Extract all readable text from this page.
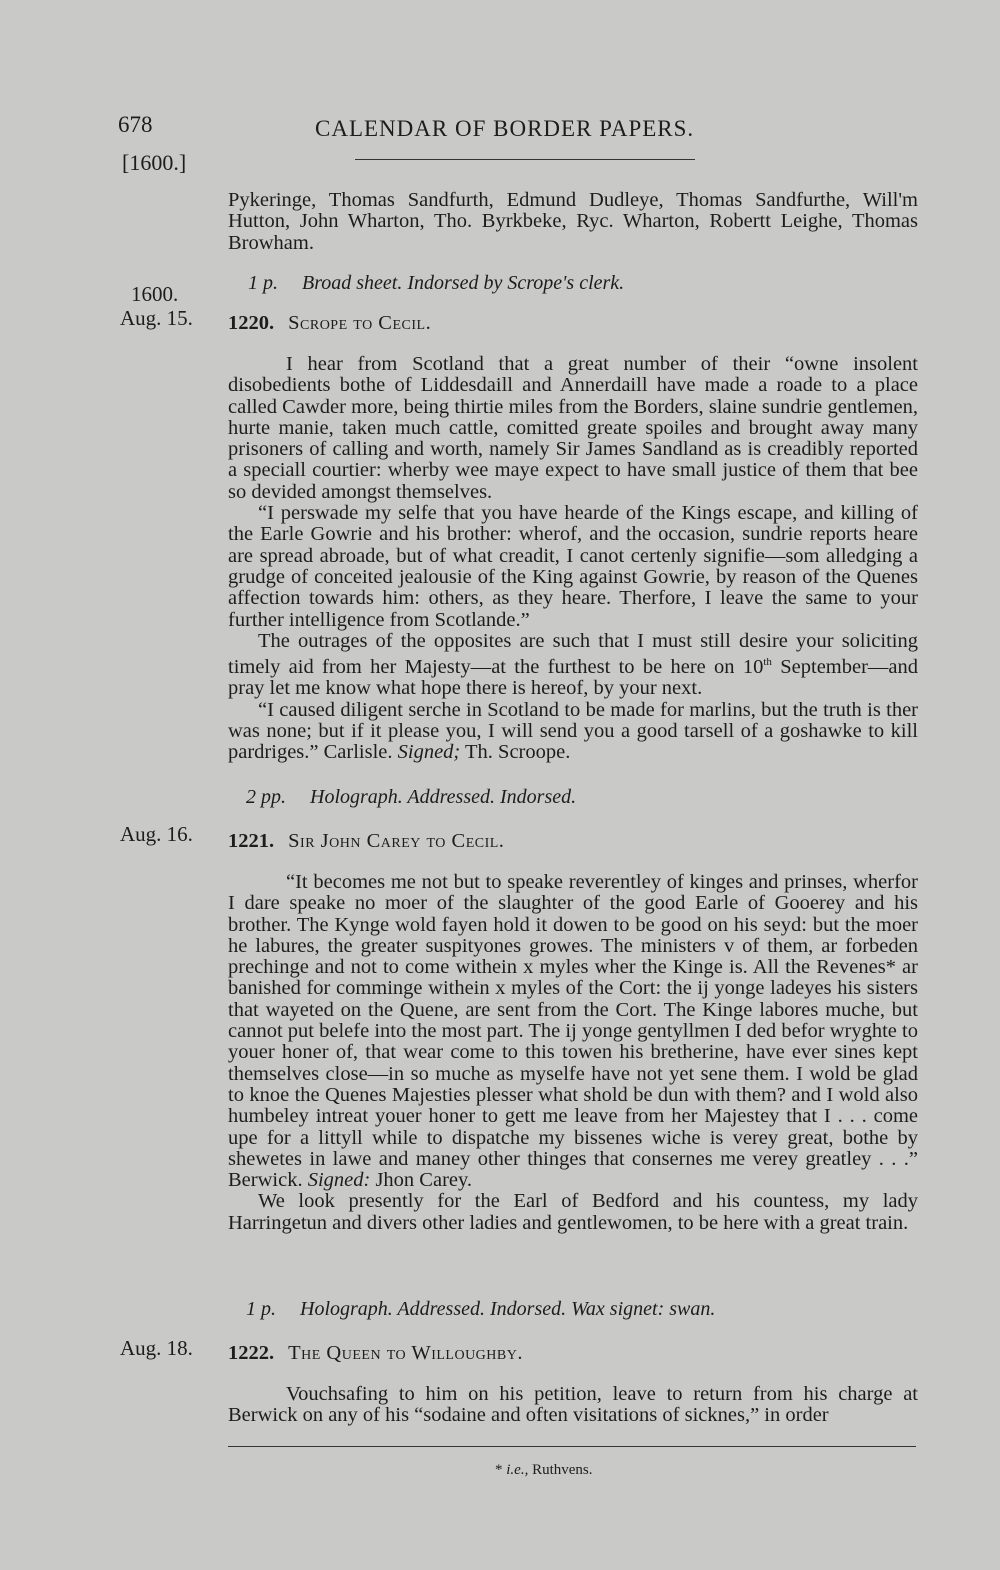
678	CALENDAR OF BORDER PAPERS.
[1600.]

Pykeringe, Thomas Sandfurth, Edmund Dudleye, Thomas Sandfurthe, Will'm Hutton, John Wharton, Tho. Byrkbeke, Ryc. Wharton, Robertt Leighe, Thomas Browham.

1 p. Broad sheet. Indorsed by Scrope's clerk.
1600.
Aug. 15. 1220. Scrope to Cecil.

I hear from Scotland that a great number of their “owne insolent disobedients bothe of Liddesdaill and Annerdaill have made a roade to a place called Cawder more, being thirtie miles from the Borders, slaine sundrie gentlemen, hurte manie, taken much cattle, comitted greate spoiles and brought away many prisoners of calling and worth, namely Sir James Sandland as is creadibly reported a speciall courtier: wherby wee maye expect to have small justice of them that bee so devided amongst themselves.

“I perswade my selfe that you have hearde of the Kings escape, and killing of the Earle Gowrie and his brother: wherof, and the occasion, sundrie reports heare are spread abroade, but of what creadit, I canot certenly signifie—som alledging a grudge of conceited jealousie of the King against Gowrie, by reason of the Quenes affection towards him: others, as they heare. Therfore, I leave the same to your further intelligence from Scotlande.”

The outrages of the opposites are such that I must still desire your soliciting timely aid from her Majesty—at the furthest to be here on 10th September—and pray let me know what hope there is hereof, by your next.

“I caused diligent serche in Scotland to be made for marlins, but the truth is ther was none; but if it please you, I will send you a good tarsell of a goshawke to kill pardriges.” Carlisle. Signed; Th. Scroope.

2 pp. Holograph. Addressed. Indorsed.
Aug. 16. 1221. Sir John Carey to Cecil.

“It becomes me not but to speake reverentley of kinges and prinses, wherfor I dare speake no moer of the slaughter of the good Earle of Gooerey and his brother. The Kynge wold fayen hold it dowen to be good on his seyd: but the moer he labures, the greater suspityones growes. The ministers v of them, ar forbeden prechinge and not to come withein x myles wher the Kinge is. All the Revenes* ar banished for comminge withein x myles of the Cort: the ij yonge ladeyes his sisters that wayeted on the Quene, are sent from the Cort. The Kinge labores muche, but cannot put belefe into the most part. The ij yonge gentyllmen I ded befor wryghte to youer honer of, that wear come to this towen his bretherine, have ever sines kept themselves close—in so muche as myselfe have not yet sene them. I wold be glad to knoe the Quenes Majesties plesser what shold be dun with them? and I wold also humbeley intreat youer honer to gett me leave from her Majestey that I . . . come upe for a littyll while to dispatche my bissenes wiche is verey great, bothe by shewetes in lawe and maney other thinges that consernes me verey greatley . . .” Berwick. Signed: Jhon Carey.

We look presently for the Earl of Bedford and his countess, my lady Harringetun and divers other ladies and gentlewomen, to be here with a great train.

1 p. Holograph. Addressed. Indorsed. Wax signet: swan.
Aug. 18. 1222. The Queen to Willoughby.

Vouchsafing to him on his petition, leave to return from his charge at Berwick on any of his “sodaine and often visitations of sicknes,” in order

* i.e., Ruthvens.
